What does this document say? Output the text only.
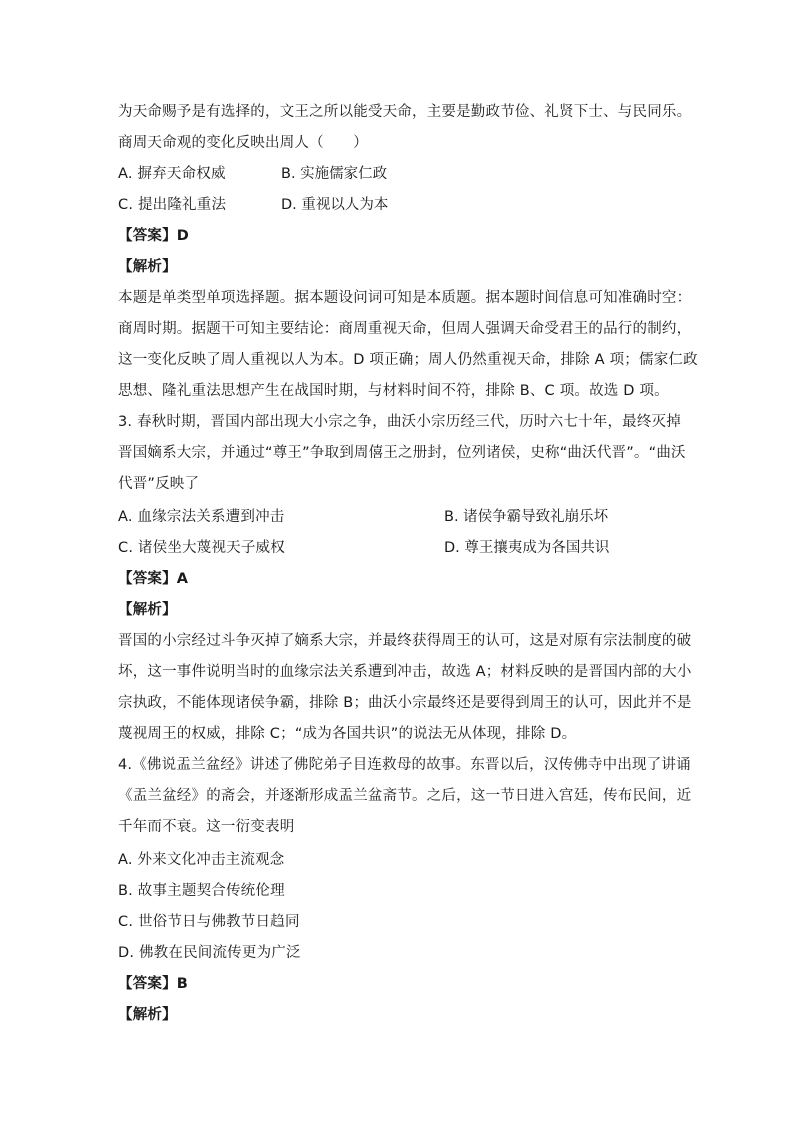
为天命赐予是有选择的，文王之所以能受天命，主要是勤政节俭、礼贤下士、与民同乐。
商周天命观的变化反映出周人（　　）
A. 摒弃天命权威	B. 实施儒家仁政
C. 提出隆礼重法	D. 重视以人为本
【答案】D
【解析】
本题是单类型单项选择题。据本题设问词可知是本质题。据本题时间信息可知准确时空：
商周时期。据题干可知主要结论：商周重视天命，但周人强调天命受君王的品行的制约，
这一变化反映了周人重视以人为本。D 项正确；周人仍然重视天命，排除 A 项；儒家仁政
思想、隆礼重法思想产生在战国时期，与材料时间不符，排除 B、C 项。故选 D 项。
3. 春秋时期，晋国内部出现大小宗之争，曲沃小宗历经三代，历时六七十年，最终灭掉
晋国嫡系大宗，并通过“尊王”争取到周僖王之册封，位列诸侯，史称“曲沃代晋”。“曲沃
代晋”反映了
A. 血缘宗法关系遭到冲击	B. 诸侯争霸导致礼崩乐坏
C. 诸侯坐大蔑视天子威权	D. 尊王攘夷成为各国共识
【答案】A
【解析】
晋国的小宗经过斗争灭掉了嫡系大宗，并最终获得周王的认可，这是对原有宗法制度的破
坏，这一事件说明当时的血缘宗法关系遭到冲击，故选 A；材料反映的是晋国内部的大小
宗执政，不能体现诸侯争霸，排除 B；曲沃小宗最终还是要得到周王的认可，因此并不是
蔑视周王的权威，排除 C；“成为各国共识”的说法无从体现，排除 D。
4.《佛说盂兰盆经》讲述了佛陀弟子目连救母的故事。东晋以后，汉传佛寺中出现了讲诵
《盂兰盆经》的斋会，并逐渐形成盂兰盆斋节。之后，这一节日进入宫廷，传布民间，近
千年而不衰。这一衍变表明
A. 外来文化冲击主流观念
B. 故事主题契合传统伦理
C. 世俗节日与佛教节日趋同
D. 佛教在民间流传更为广泛
【答案】B
【解析】
